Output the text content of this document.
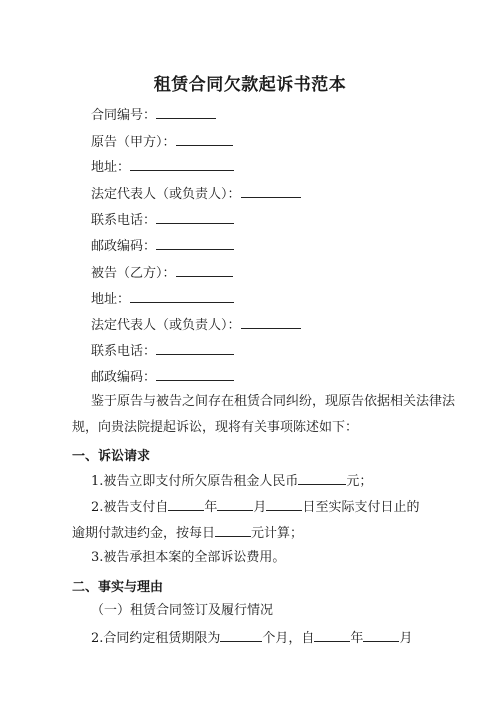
租赁合同欠款起诉书范本
合同编号：
原告（甲方）：
地址：
法定代表人（或负责人）：
联系电话：
邮政编码：
被告（乙方）：
地址：
法定代表人（或负责人）：
联系电话：
邮政编码：
鉴于原告与被告之间存在租赁合同纠纷，现原告依据相关法律法
规，向贵法院提起诉讼，现将有关事项陈述如下：
一、诉讼请求
1.被告立即支付所欠原告租金人民币	元；
2.被告支付自	年	月	日至实际支付日止的
逾期付款违约金，按每日	元计算；
3.被告承担本案的全部诉讼费用。
二、事实与理由
（一）租赁合同签订及履行情况
2.合同约定租赁期限为	个月，自	年	月
